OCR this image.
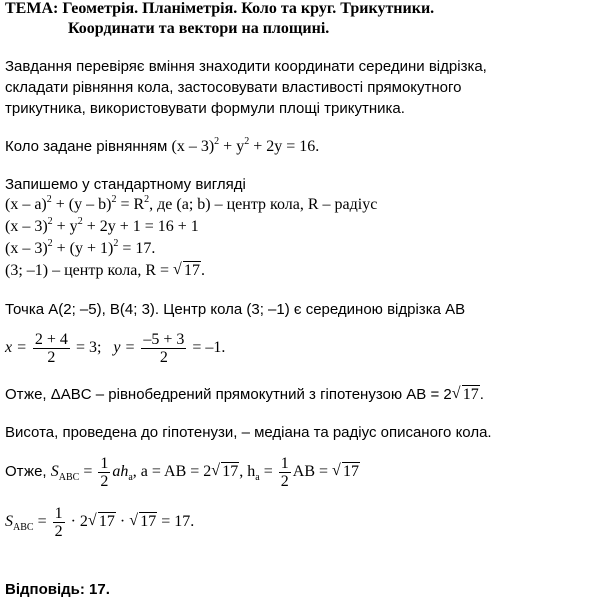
ТЕМА: Геометрія. Планіметрія. Коло та круг. Трикутники.
Координати та вектори на площині.
Завдання перевіряє вміння знаходити координати середини відрізка,
складати рівняння кола, застосовувати властивості прямокутного
трикутника, використовувати формули площі трикутника.
Коло задане рівнянням $(x - 3)^2 + y^2 + 2y = 16$.
Запишемо у стандартному вигляді
$(x - a)^2 + (y - b)^2 = R^2$, де (a; b) – центр кола, R – радіус
$(x - 3)^2 + y^2 + 2y + 1 = 16 + 1$
$(x - 3)^2 + (y + 1)^2 = 17$.
(3; –1) – центр кола, R = √ 17.
Точка A(2; –5), B(4; 3). Центр кола (3; –1) є серединою відрізка AB
$x = \frac{2 + 4}{2} = 3$; $y = \frac{-5 + 3}{2} = -1$.
Отже, ΔABC – рівнобедрений прямокутний з гіпотенузою AB = 2√ 17.
Висота, проведена до гіпотенузи, – медіана та радіус описаного кола.
Отже, $S_{ABC} = \frac{1}{2} ah_a$, a = AB = 2√ 17, $h_a = \frac{1}{2}$ AB = √ 17
$S_{ABC} = \frac{1}{2} \cdot 2√$ 17 · √ 17 = 17.
Відповідь: 17.
